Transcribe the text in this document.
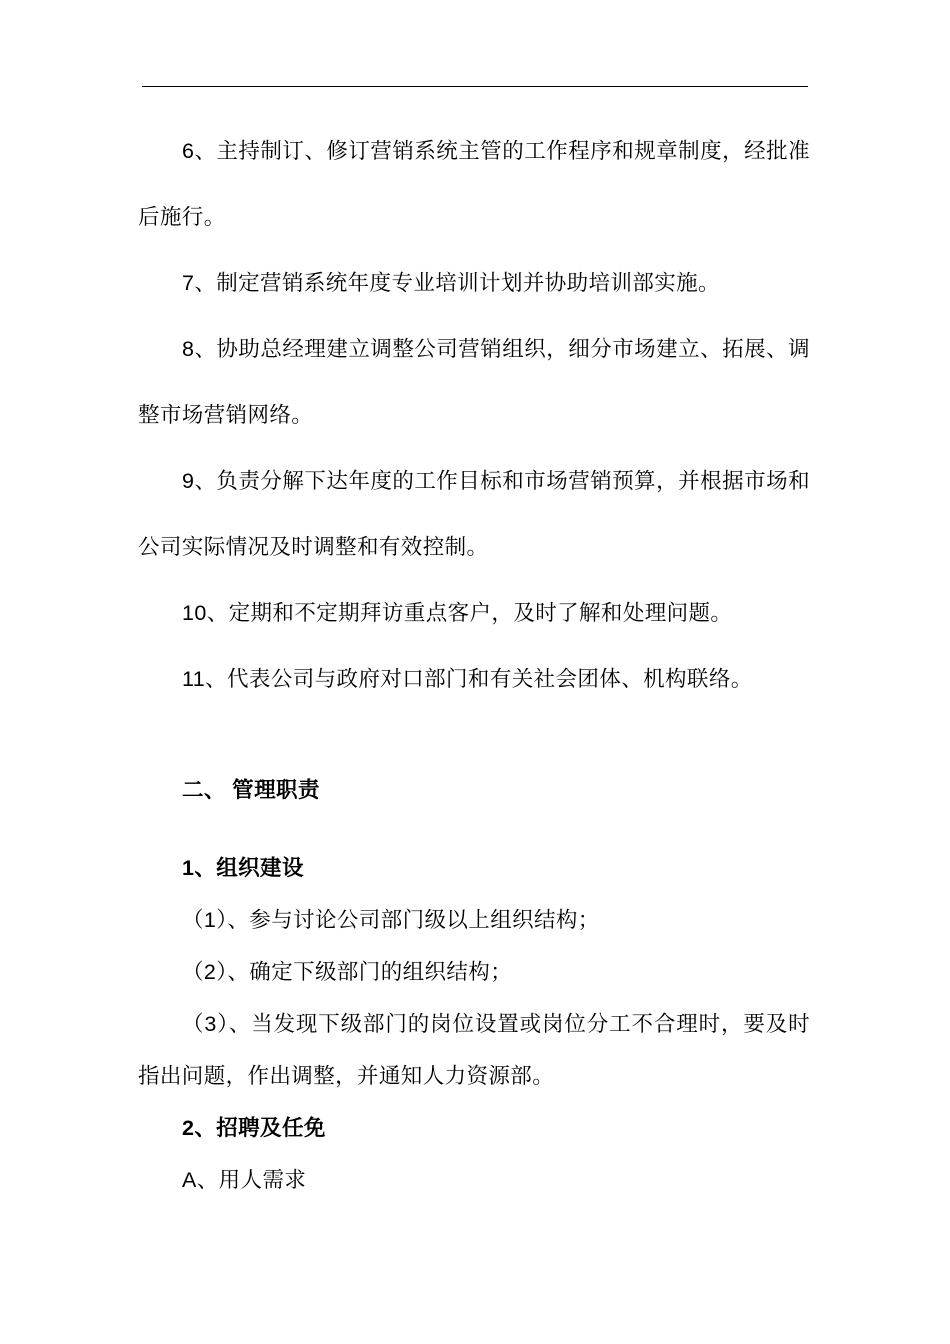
6、主持制订、修订营销系统主管的工作程序和规章制度，经批准后施行。
7、制定营销系统年度专业培训计划并协助培训部实施。
8、协助总经理建立调整公司营销组织，细分市场建立、拓展、调整市场营销网络。
9、负责分解下达年度的工作目标和市场营销预算，并根据市场和公司实际情况及时调整和有效控制。
10、定期和不定期拜访重点客户，及时了解和处理问题。
11、代表公司与政府对口部门和有关社会团体、机构联络。
二、 管理职责
1、组织建设
（1）、参与讨论公司部门级以上组织结构；
（2）、确定下级部门的组织结构；
（3）、当发现下级部门的岗位设置或岗位分工不合理时，要及时指出问题，作出调整，并通知人力资源部。
2、招聘及任免
A、用人需求
